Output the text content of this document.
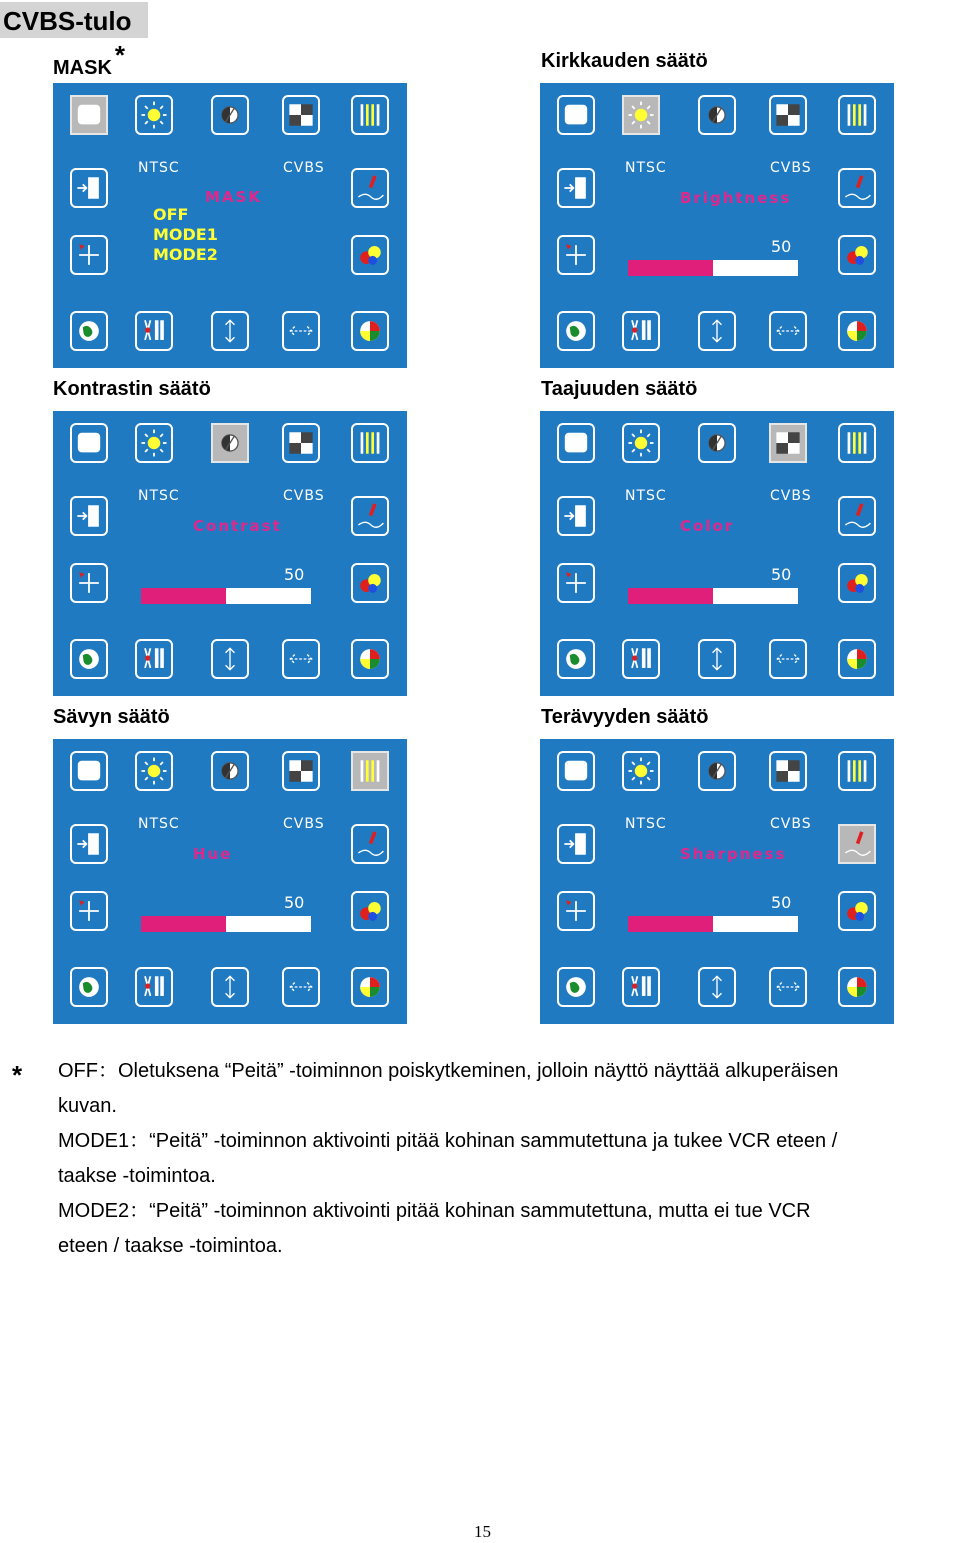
CVBS-tulo
MASK *	Kirkkauden säätö
Kontrastin säätö	Taajuuden säätö
Sävyn säätö	Terävyyden säätö
NTSC	CVBS
MASK
OFF
MODE1
MODE2
NTSC	CVBS
Brightness
50
NTSC	CVBS
Contrast
50
NTSC	CVBS
Color
50
NTSC	CVBS
Hue
50
NTSC	CVBS
Sharpness
50
* OFF：Oletuksena “Peitä” -toiminnon poiskytkeminen, jolloin näyttö näyttää alkuperäisen
kuvan.
MODE1：“Peitä” -toiminnon aktivointi pitää kohinan sammutettuna ja tukee VCR eteen /
taakse -toimintoa.
MODE2：“Peitä” -toiminnon aktivointi pitää kohinan sammutettuna, mutta ei tue VCR
eteen / taakse -toimintoa.
15
